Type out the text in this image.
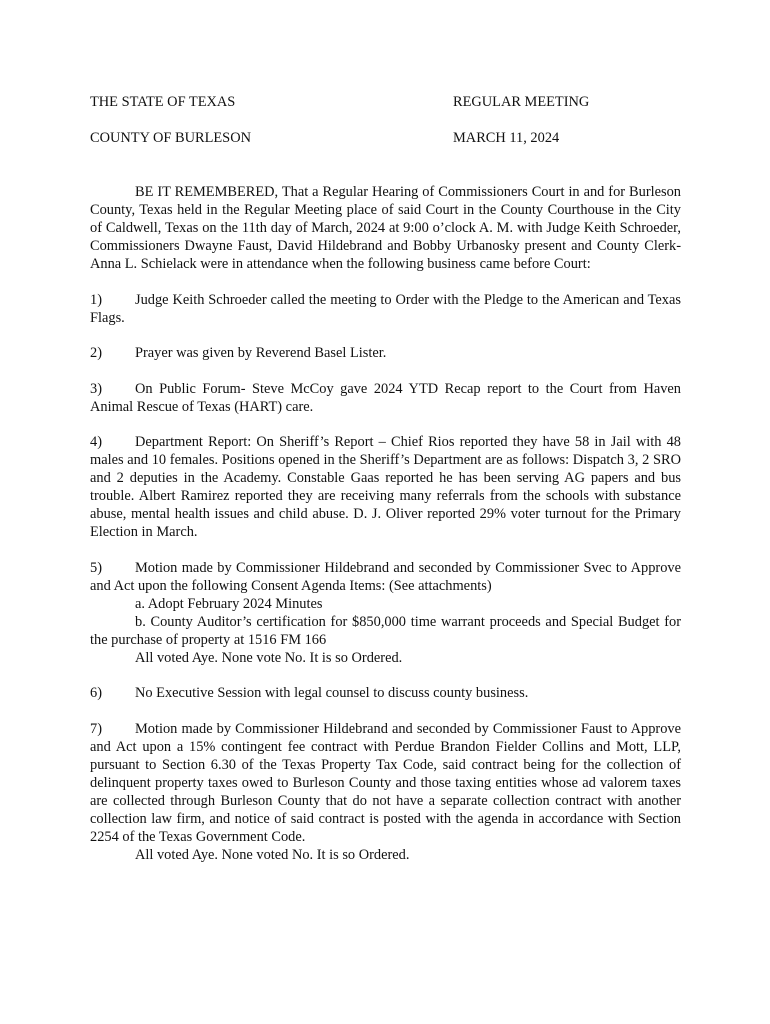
THE STATE OF TEXAS	REGULAR MEETING
COUNTY OF BURLESON	MARCH 11, 2024

BE IT REMEMBERED, That a Regular Hearing of Commissioners Court in and for Burleson County, Texas held in the Regular Meeting place of said Court in the County Courthouse in the City of Caldwell, Texas on the 11th day of March, 2024 at 9:00 o’clock A. M. with Judge Keith Schroeder, Commissioners Dwayne Faust, David Hildebrand and Bobby Urbanosky present and County Clerk-Anna L. Schielack were in attendance when the following business came before Court:

1) Judge Keith Schroeder called the meeting to Order with the Pledge to the American and Texas Flags.

2) Prayer was given by Reverend Basel Lister.

3) On Public Forum- Steve McCoy gave 2024 YTD Recap report to the Court from Haven Animal Rescue of Texas (HART) care.

4) Department Report: On Sheriff’s Report – Chief Rios reported they have 58 in Jail with 48 males and 10 females. Positions opened in the Sheriff’s Department are as follows: Dispatch 3, 2 SRO and 2 deputies in the Academy. Constable Gaas reported he has been serving AG papers and bus trouble. Albert Ramirez reported they are receiving many referrals from the schools with substance abuse, mental health issues and child abuse. D. J. Oliver reported 29% voter turnout for the Primary Election in March.

5) Motion made by Commissioner Hildebrand and seconded by Commissioner Svec to Approve and Act upon the following Consent Agenda Items: (See attachments)

a. Adopt February 2024 Minutes

b. County Auditor’s certification for $850,000 time warrant proceeds and Special Budget for the purchase of property at 1516 FM 166

All voted Aye. None vote No. It is so Ordered.

6) No Executive Session with legal counsel to discuss county business.

7) Motion made by Commissioner Hildebrand and seconded by Commissioner Faust to Approve and Act upon a 15% contingent fee contract with Perdue Brandon Fielder Collins and Mott, LLP, pursuant to Section 6.30 of the Texas Property Tax Code, said contract being for the collection of delinquent property taxes owed to Burleson County and those taxing entities whose ad valorem taxes are collected through Burleson County that do not have a separate collection contract with another collection law firm, and notice of said contract is posted with the agenda in accordance with Section 2254 of the Texas Government Code.

All voted Aye. None voted No. It is so Ordered.
